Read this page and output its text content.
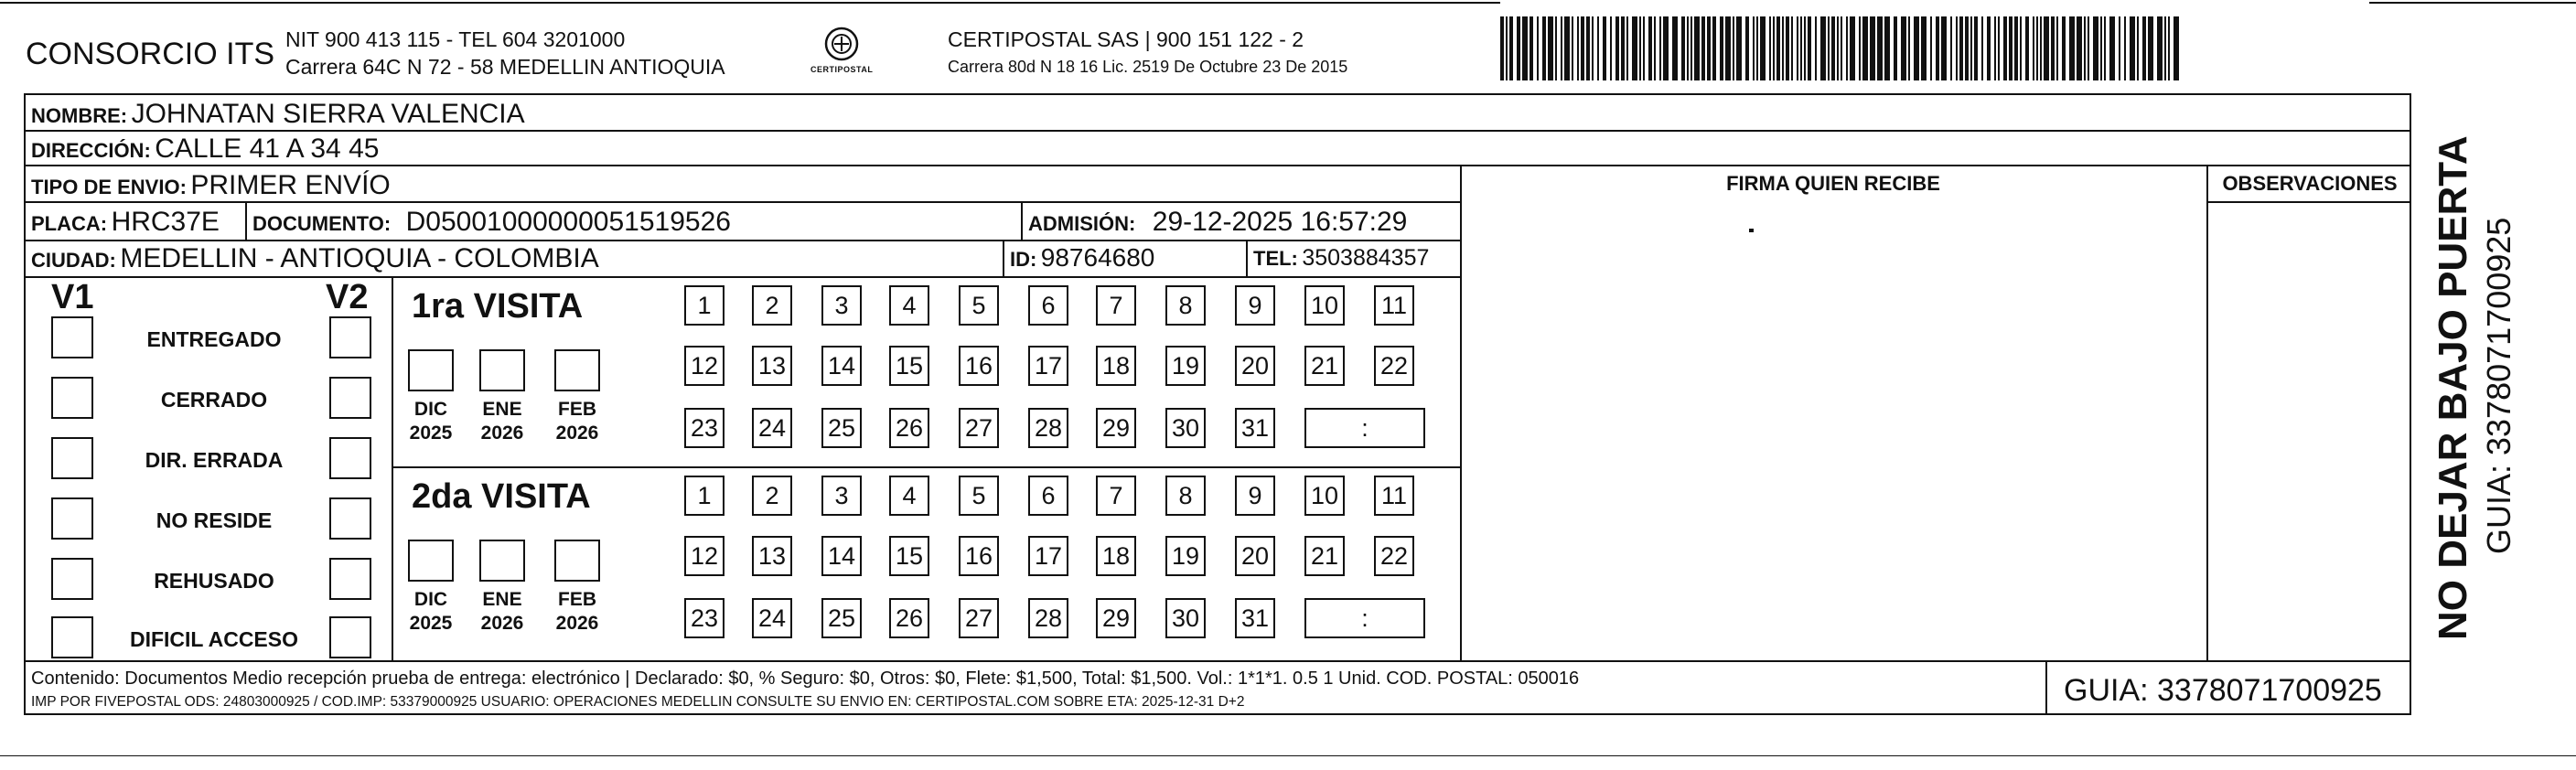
CONSORCIO ITS NIT 900 413 115 - TEL 604 3201000
Carrera 64C N 72 - 58 MEDELLIN ANTIOQUIA	CERTIPOSTAL
CERTIPOSTAL SAS | 900 151 122 - 2
Carrera 80d N 18 16 Lic. 2519 De Octubre 23 De 2015
NOMBRE: JOHNATAN SIERRA VALENCIA
DIRECCIÓN: CALLE 41 A 34 45
TIPO DE ENVIO: PRIMER ENVÍO
PLACA: HRC37E DOCUMENTO: D05001000000051519526	ADMISIÓN: 29-12-2025 16:57:29
CIUDAD: MEDELLIN - ANTIOQUIA - COLOMBIA	ID: 98764680	TEL: 3503884357
FIRMA QUIEN RECIBE	OBSERVACIONES
V1	V2
ENTREGADO
CERRADO
DIR. ERRADA
NO RESIDE
REHUSADO
DIFICIL ACCESO
1ra VISITA
2da VISITA
DIC
2025
ENE
2026
FEB
2026
1	2	3	4	5	6	7	8	9	10 11
12 13 14 15 16 17 18 19 20 21 22
23 24 25 26 27 28 29 30 31	:
DIC
2025
ENE
2026
FEB
2026
1	2	3	4	5	6	7	8	9	10 11
12 13 14 15 16 17 18 19 20 21 22
23 24 25 26 27 28 29 30 31	:
Contenido: Documentos Medio recepción prueba de entrega: electrónico | Declarado: $0, % Seguro: $0, Otros: $0, Flete: $1,500, Total: $1,500. Vol.: 1*1*1. 0.5 1 Unid. COD. POSTAL: 050016
IMP POR FIVEPOSTAL ODS: 24803000925 / COD.IMP: 53379000925 USUARIO: OPERACIONES MEDELLIN CONSULTE SU ENVIO EN: CERTIPOSTAL.COM SOBRE ETA: 2025-12-31 D+2	GUIA: 3378071700925
NO DEJAR BAJO PUERTA GUIA: 3378071700925
